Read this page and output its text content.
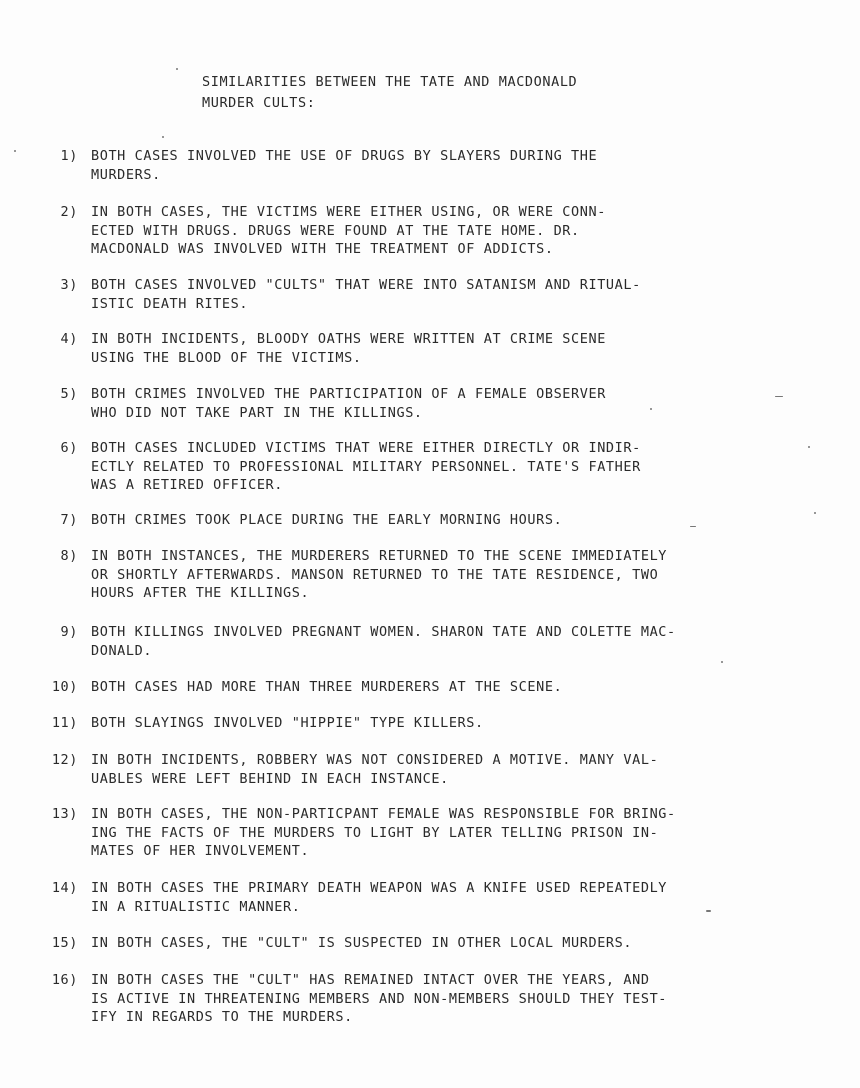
SIMILARITIES BETWEEN THE TATE AND MACDONALD
MURDER CULTS:
1) BOTH CASES INVOLVED THE USE OF DRUGS BY SLAYERS DURING THE
MURDERS.
2) IN BOTH CASES, THE VICTIMS WERE EITHER USING, OR WERE CONN-
ECTED WITH DRUGS. DRUGS WERE FOUND AT THE TATE HOME. DR.
MACDONALD WAS INVOLVED WITH THE TREATMENT OF ADDICTS.
3) BOTH CASES INVOLVED "CULTS" THAT WERE INTO SATANISM AND RITUAL-
ISTIC DEATH RITES.
4) IN BOTH INCIDENTS, BLOODY OATHS WERE WRITTEN AT CRIME SCENE
USING THE BLOOD OF THE VICTIMS.
5) BOTH CRIMES INVOLVED THE PARTICIPATION OF A FEMALE OBSERVER
WHO DID NOT TAKE PART IN THE KILLINGS.
6) BOTH CASES INCLUDED VICTIMS THAT WERE EITHER DIRECTLY OR INDIR-
ECTLY RELATED TO PROFESSIONAL MILITARY PERSONNEL. TATE'S FATHER
WAS A RETIRED OFFICER.
7) BOTH CRIMES TOOK PLACE DURING THE EARLY MORNING HOURS.
8) IN BOTH INSTANCES, THE MURDERERS RETURNED TO THE SCENE IMMEDIATELY
OR SHORTLY AFTERWARDS. MANSON RETURNED TO THE TATE RESIDENCE, TWO
HOURS AFTER THE KILLINGS.
9) BOTH KILLINGS INVOLVED PREGNANT WOMEN. SHARON TATE AND COLETTE MAC-
DONALD.
10) BOTH CASES HAD MORE THAN THREE MURDERERS AT THE SCENE.
11) BOTH SLAYINGS INVOLVED "HIPPIE" TYPE KILLERS.
12) IN BOTH INCIDENTS, ROBBERY WAS NOT CONSIDERED A MOTIVE. MANY VAL-
UABLES WERE LEFT BEHIND IN EACH INSTANCE.
13) IN BOTH CASES, THE NON-PARTICPANT FEMALE WAS RESPONSIBLE FOR BRING-
ING THE FACTS OF THE MURDERS TO LIGHT BY LATER TELLING PRISON IN-
MATES OF HER INVOLVEMENT.
14) IN BOTH CASES THE PRIMARY DEATH WEAPON WAS A KNIFE USED REPEATEDLY
IN A RITUALISTIC MANNER.
15) IN BOTH CASES, THE "CULT" IS SUSPECTED IN OTHER LOCAL MURDERS.
16) IN BOTH CASES THE "CULT" HAS REMAINED INTACT OVER THE YEARS, AND
IS ACTIVE IN THREATENING MEMBERS AND NON-MEMBERS SHOULD THEY TEST-
IFY IN REGARDS TO THE MURDERS.
